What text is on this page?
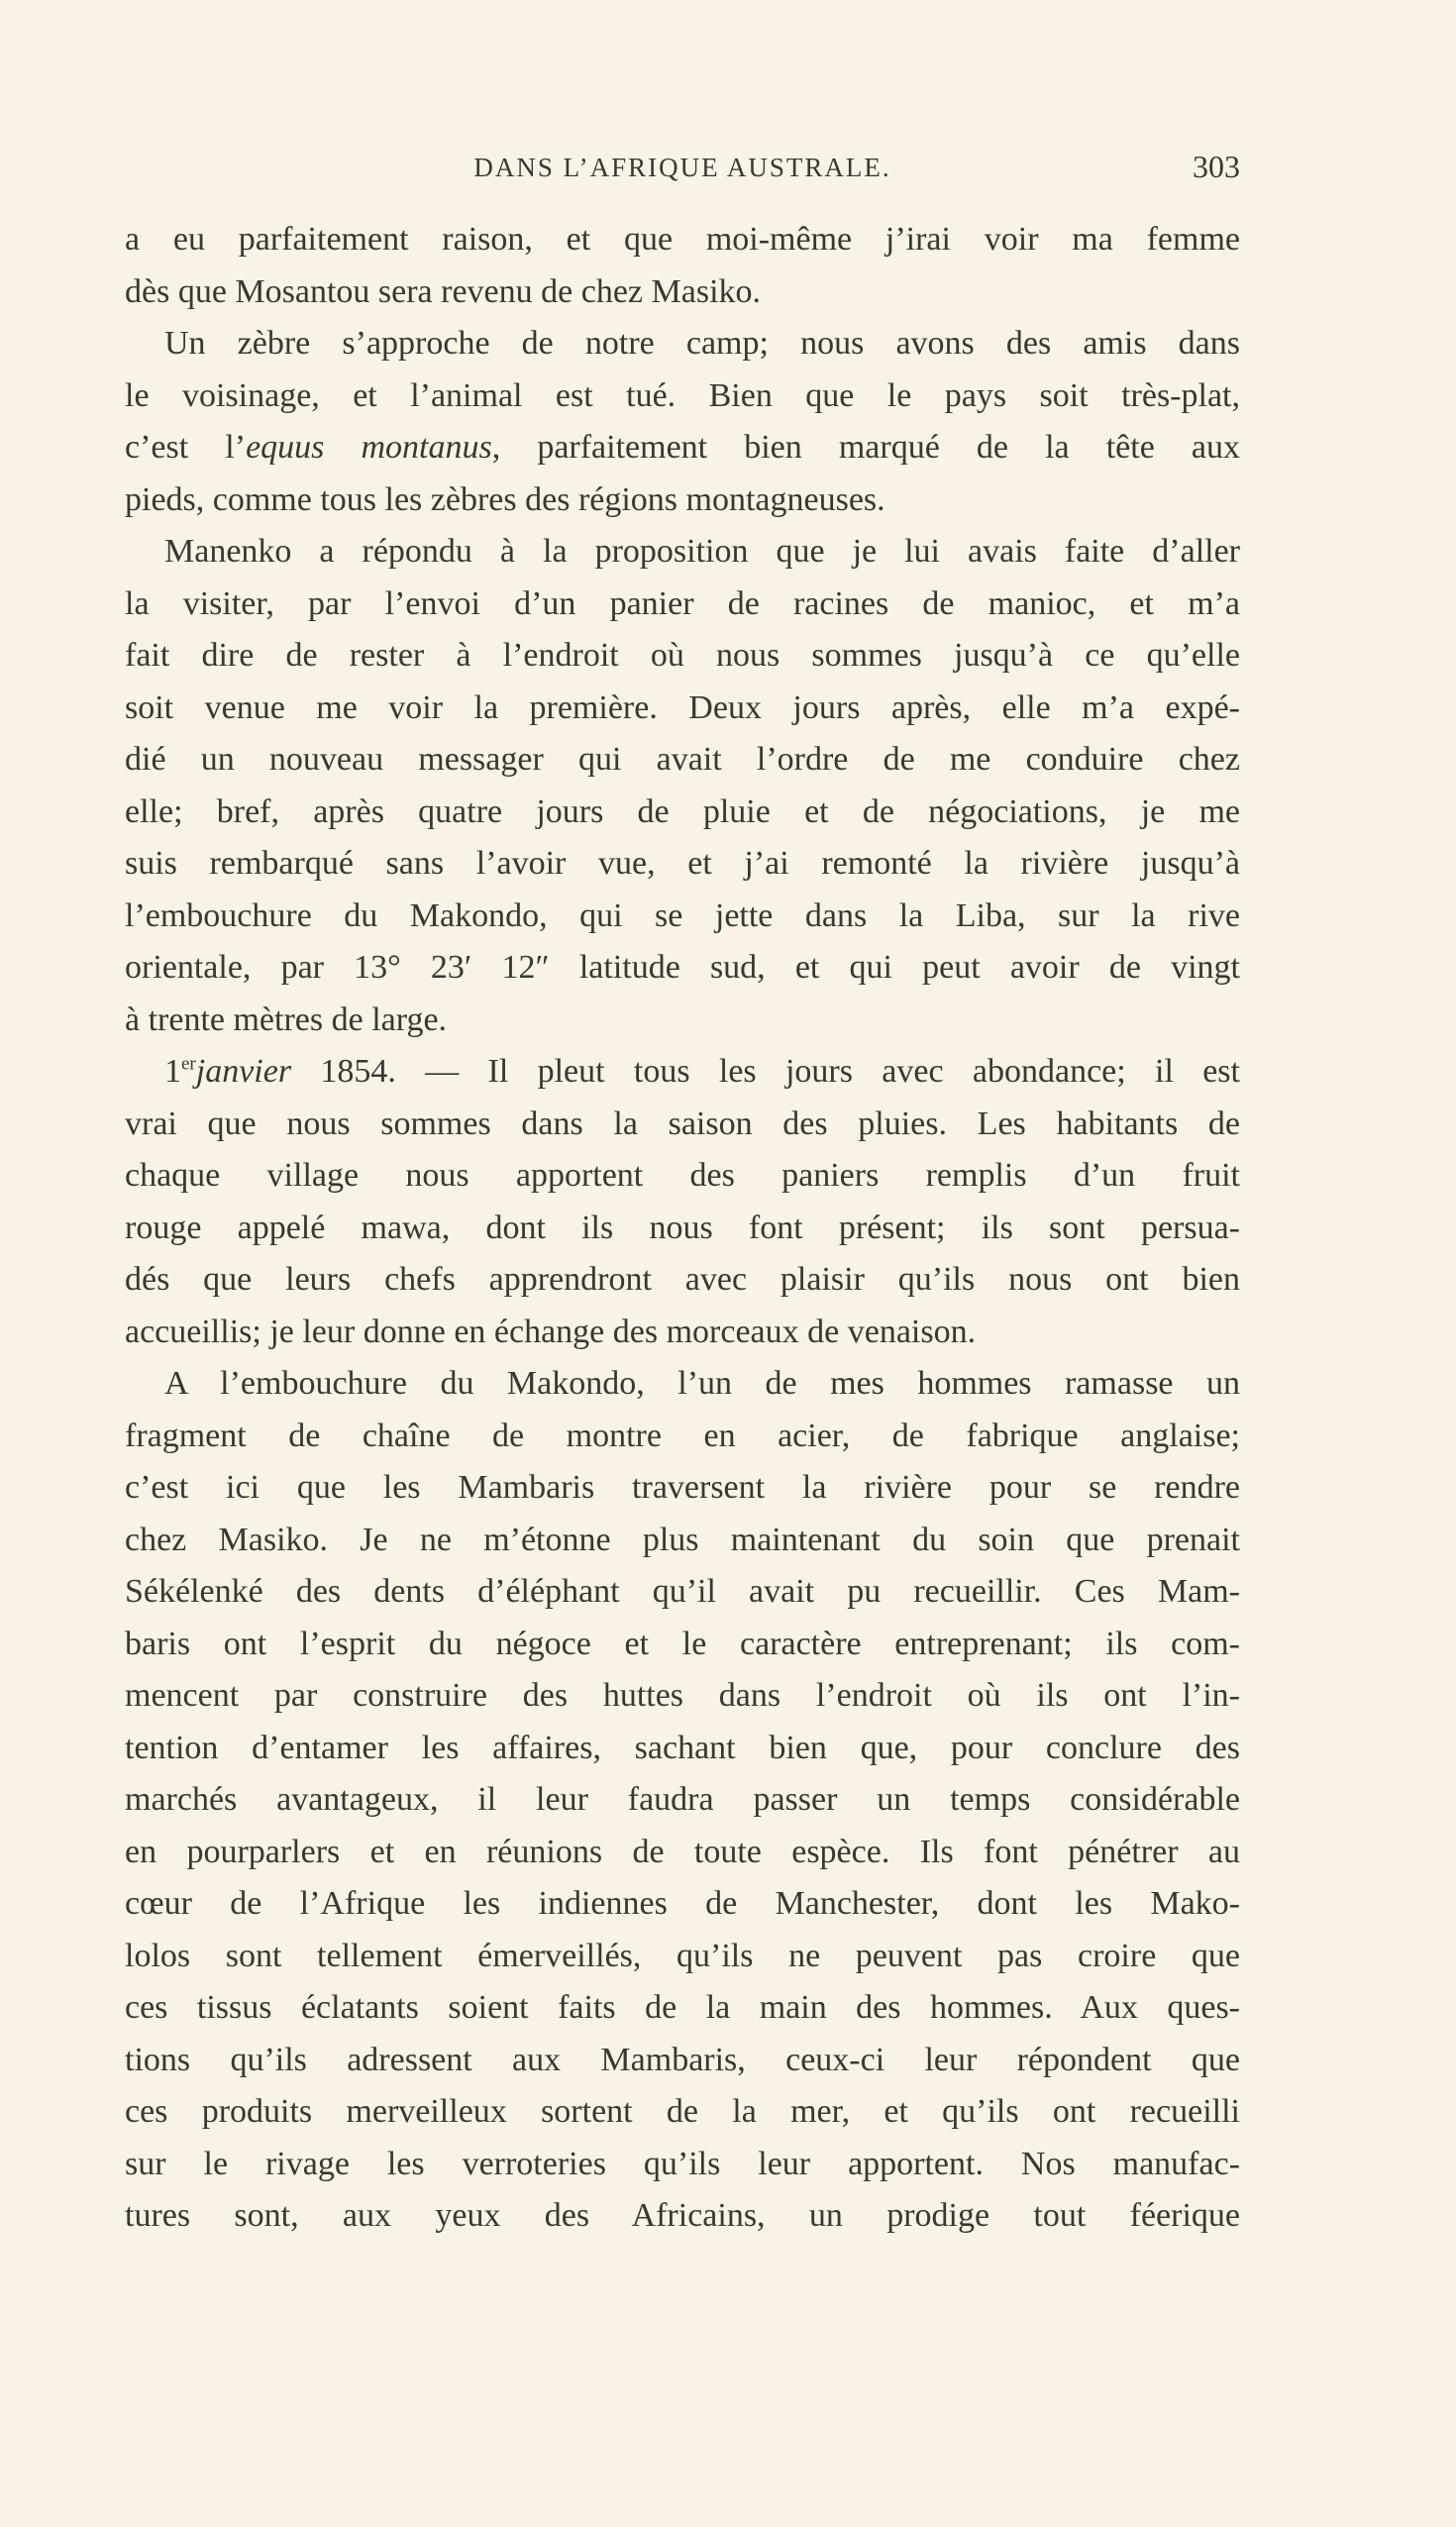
DANS L’AFRIQUE AUSTRALE.	303
a eu parfaitement raison, et que moi-même j’irai voir ma femme
dès que Mosantou sera revenu de chez Masiko.
Un zèbre s’approche de notre camp; nous avons des amis dans
le voisinage, et l’animal est tué. Bien que le pays soit très-plat,
c’est l’equus montanus, parfaitement bien marqué de la tête aux
pieds, comme tous les zèbres des régions montagneuses.
Manenko a répondu à la proposition que je lui avais faite d’aller
la visiter, par l’envoi d’un panier de racines de manioc, et m’a
fait dire de rester à l’endroit où nous sommes jusqu’à ce qu’elle
soit venue me voir la première. Deux jours après, elle m’a expé-
dié un nouveau messager qui avait l’ordre de me conduire chez
elle; bref, après quatre jours de pluie et de négociations, je me
suis rembarqué sans l’avoir vue, et j’ai remonté la rivière jusqu’à
l’embouchure du Makondo, qui se jette dans la Liba, sur la rive
orientale, par 13° 23′ 12″ latitude sud, et qui peut avoir de vingt
à trente mètres de large.
1erjanvier 1854. — Il pleut tous les jours avec abondance; il est
vrai que nous sommes dans la saison des pluies. Les habitants de
chaque village nous apportent des paniers remplis d’un fruit
rouge appelé mawa, dont ils nous font présent; ils sont persua-
dés que leurs chefs apprendront avec plaisir qu’ils nous ont bien
accueillis; je leur donne en échange des morceaux de venaison.
A l’embouchure du Makondo, l’un de mes hommes ramasse un
fragment de chaîne de montre en acier, de fabrique anglaise;
c’est ici que les Mambaris traversent la rivière pour se rendre
chez Masiko. Je ne m’étonne plus maintenant du soin que prenait
Sékélenké des dents d’éléphant qu’il avait pu recueillir. Ces Mam-
baris ont l’esprit du négoce et le caractère entreprenant; ils com-
mencent par construire des huttes dans l’endroit où ils ont l’in-
tention d’entamer les affaires, sachant bien que, pour conclure des
marchés avantageux, il leur faudra passer un temps considérable
en pourparlers et en réunions de toute espèce. Ils font pénétrer au
cœur de l’Afrique les indiennes de Manchester, dont les Mako-
lolos sont tellement émerveillés, qu’ils ne peuvent pas croire que
ces tissus éclatants soient faits de la main des hommes. Aux ques-
tions qu’ils adressent aux Mambaris, ceux-ci leur répondent que
ces produits merveilleux sortent de la mer, et qu’ils ont recueilli
sur le rivage les verroteries qu’ils leur apportent. Nos manufac-
tures sont, aux yeux des Africains, un prodige tout féerique
